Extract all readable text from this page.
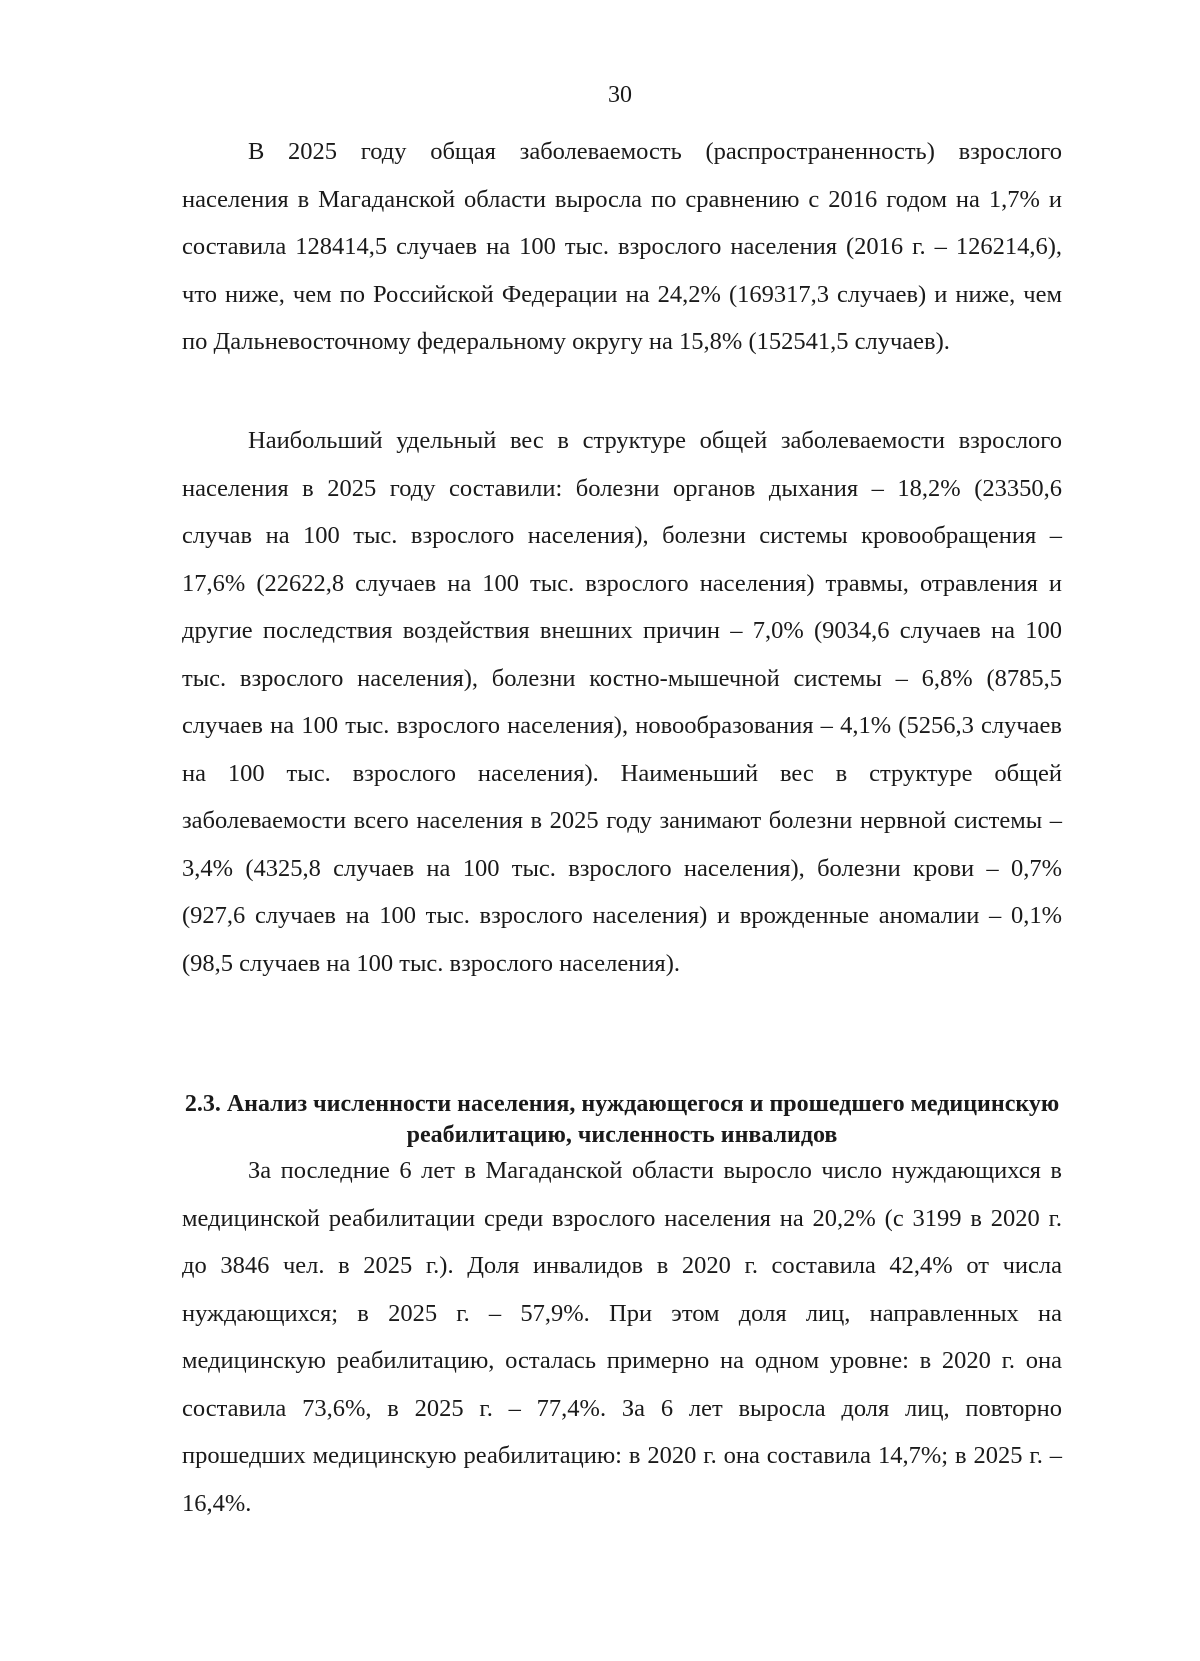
30

В 2025 году общая заболеваемость (распространенность) взрослого населения в Магаданской области выросла по сравнению с 2016 годом на 1,7% и составила 128414,5 случаев на 100 тыс. взрослого населения (2016 г. – 126214,6), что ниже, чем по Российской Федерации на 24,2% (169317,3 случаев) и ниже, чем по Дальневосточному федеральному округу на 15,8% (152541,5 случаев).

Наибольший удельный вес в структуре общей заболеваемости взрослого населения в 2025 году составили: болезни органов дыхания – 18,2% (23350,6 случав на 100 тыс. взрослого населения), болезни системы кровообращения – 17,6% (22622,8 случаев на 100 тыс. взрослого населения) травмы, отравления и другие последствия воздействия внешних причин – 7,0% (9034,6 случаев на 100 тыс. взрослого населения), болезни костно-мышечной системы – 6,8% (8785,5 случаев на 100 тыс. взрослого населения), новообразования – 4,1% (5256,3 случаев на 100 тыс. взрослого населения). Наименьший вес в структуре общей заболеваемости всего населения в 2025 году занимают болезни нервной системы – 3,4% (4325,8 случаев на 100 тыс. взрослого населения), болезни крови – 0,7% (927,6 случаев на 100 тыс. взрослого населения) и врожденные аномалии – 0,1% (98,5 случаев на 100 тыс. взрослого населения).

2.3. Анализ численности населения, нуждающегося и прошедшего медицинскую реабилитацию, численность инвалидов

За последние 6 лет в Магаданской области выросло число нуждающихся в медицинской реабилитации среди взрослого населения на 20,2% (с 3199 в 2020 г. до 3846 чел. в 2025 г.). Доля инвалидов в 2020 г. составила 42,4% от числа нуждающихся; в 2025 г. – 57,9%. При этом доля лиц, направленных на медицинскую реабилитацию, осталась примерно на одном уровне: в 2020 г. она составила 73,6%, в 2025 г. – 77,4%. За 6 лет выросла доля лиц, повторно прошедших медицинскую реабилитацию: в 2020 г. она составила 14,7%; в 2025 г. – 16,4%.
